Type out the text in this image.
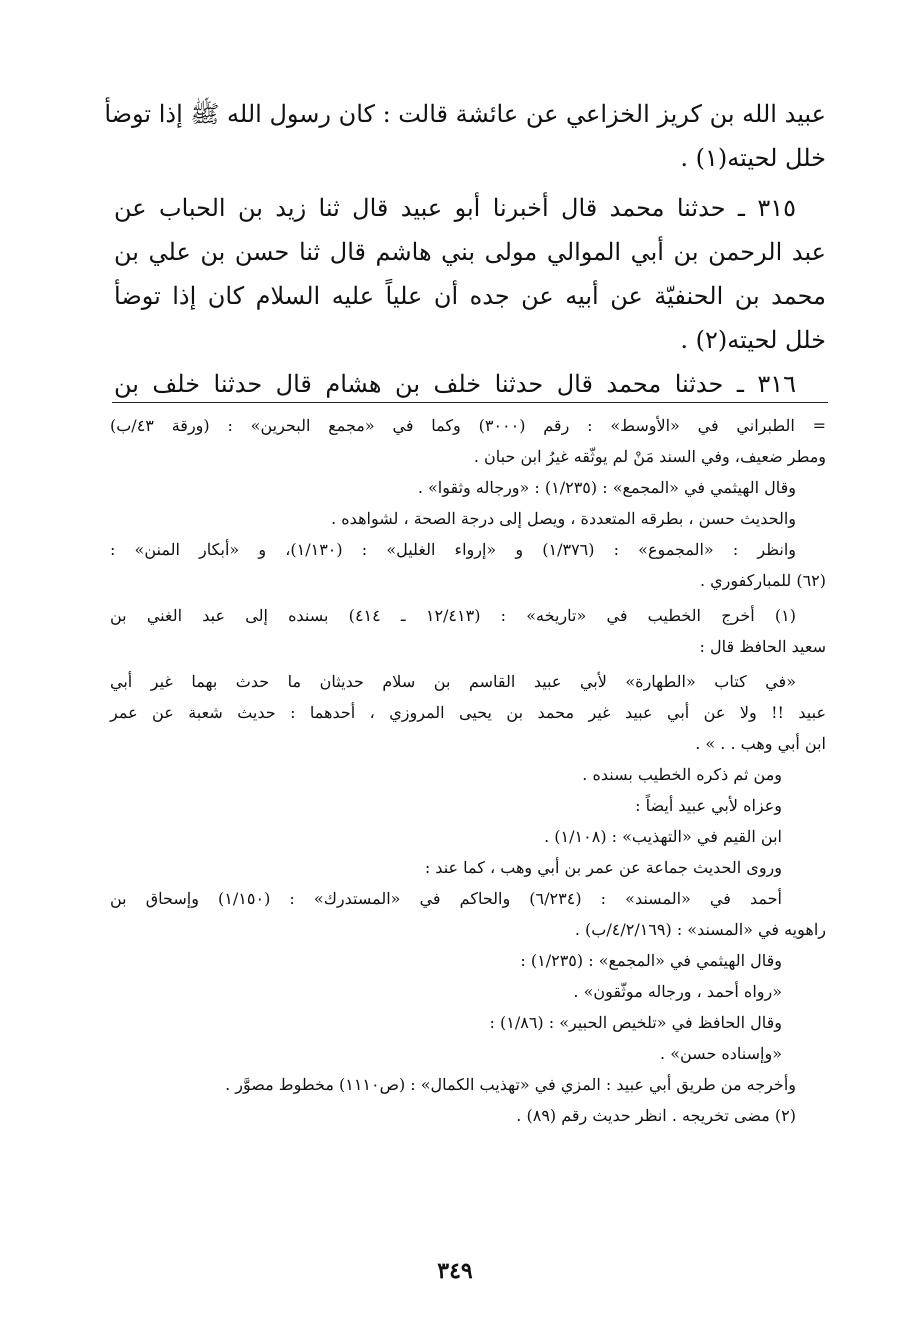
عبيد الله بن كريز الخزاعي عن عائشة قالت : كان رسول الله ﷺ إذا توضأ
خلل لحيته(١) .
٣١٥ ـ حدثنا محمد قال أخبرنا أبو عبيد قال ثنا زيد بن الحباب عن
عبد الرحمن بن أبي الموالي مولى بني هاشم قال ثنا حسن بن علي بن
محمد بن الحنفيّة عن أبيه عن جده أن علياً عليه السلام كان إذا توضأ
خلل لحيته(٢) .
٣١٦ ـ حدثنا محمد قال حدثنا خلف بن هشام قال حدثنا خلف بن
= الطبراني في «الأوسط» : رقم (٣٠٠٠) وكما في «مجمع البحرين» : (ورقة ٤٣/ب)
ومطر ضعيف، وفي السند مَنْ لم يوثّقه غيرُ ابن حبان .
وقال الهيثمي في «المجمع» : (١/٢٣٥) : «ورجاله وثقوا» .
والحديث حسن ، بطرقه المتعددة ، ويصل إلى درجة الصحة ، لشواهده .
وانظر : «المجموع» : (١/٣٧٦) و «إرواء الغليل» : (١/١٣٠)، و «أبكار المنن» :
(٦٢) للمباركفوري .
(١) أخرج الخطيب في «تاريخه» : (١٢/٤١٣ ـ ٤١٤) بسنده إلى عبد الغني بن
سعيد الحافظ قال :
«في كتاب «الطهارة» لأبي عبيد القاسم بن سلام حديثان ما حدث بهما غير أبي
عبيد !! ولا عن أبي عبيد غير محمد بن يحيى المروزي ، أحدهما : حديث شعبة عن عمر
ابن أبي وهب . . » .
ومن ثم ذكره الخطيب بسنده .
وعزاه لأبي عبيد أيضاً :
ابن القيم في «التهذيب» : (١/١٠٨) .
وروى الحديث جماعة عن عمر بن أبي وهب ، كما عند :
أحمد في «المسند» : (٦/٢٣٤) والحاكم في «المستدرك» : (١/١٥٠) وإسحاق بن
راهويه في «المسند» : (٤/٢/١٦٩/ب) .
وقال الهيثمي في «المجمع» : (١/٢٣٥) :
«رواه أحمد ، ورجاله موثّقون» .
وقال الحافظ في «تلخيص الحبير» : (١/٨٦) :
«وإسناده حسن» .
وأخرجه من طريق أبي عبيد : المزي في «تهذيب الكمال» : (ص١١١٠) مخطوط مصوَّر .
(٢) مضى تخريجه . انظر حديث رقم (٨٩) .
٣٤٩
